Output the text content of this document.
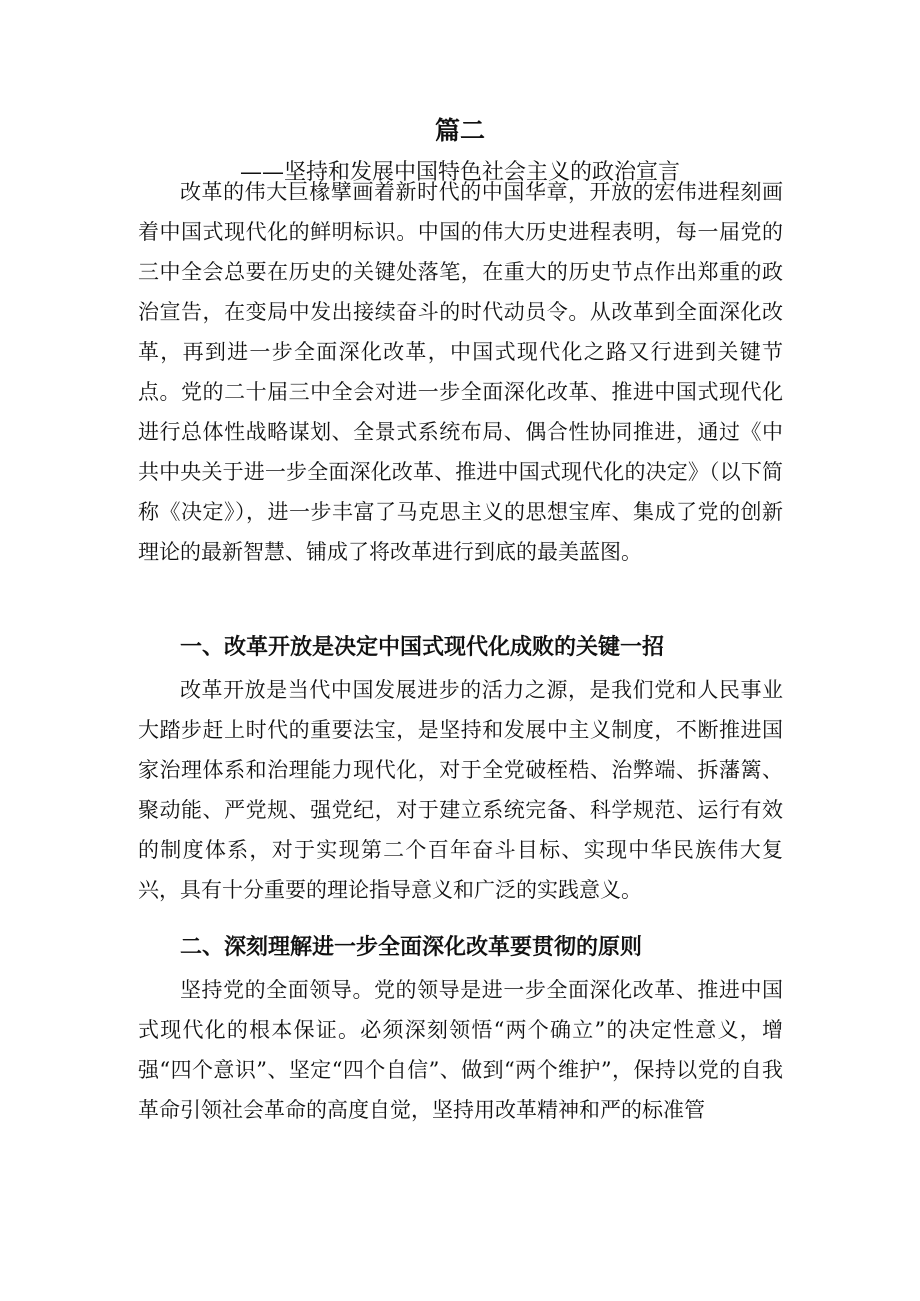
篇二
——坚持和发展中国特色社会主义的政治宣言

改革的伟大巨椽擘画着新时代的中国华章，开放的宏伟进程刻画着中国式现代化的鲜明标识。中国的伟大历史进程表明，每一届党的三中全会总要在历史的关键处落笔，在重大的历史节点作出郑重的政治宣告，在变局中发出接续奋斗的时代动员令。从改革到全面深化改革，再到进一步全面深化改革，中国式现代化之路又行进到关键节点。党的二十届三中全会对进一步全面深化改革、推进中国式现代化进行总体性战略谋划、全景式系统布局、偶合性协同推进，通过《中共中央关于进一步全面深化改革、推进中国式现代化的决定》（以下简称《决定》），进一步丰富了马克思主义的思想宝库、集成了党的创新理论的最新智慧、铺成了将改革进行到底的最美蓝图。

一、改革开放是决定中国式现代化成败的关键一招

改革开放是当代中国发展进步的活力之源，是我们党和人民事业大踏步赶上时代的重要法宝，是坚持和发展中主义制度，不断推进国家治理体系和治理能力现代化，对于全党破桎梏、治弊端、拆藩篱、聚动能、严党规、强党纪，对于建立系统完备、科学规范、运行有效的制度体系，对于实现第二个百年奋斗目标、实现中华民族伟大复兴，具有十分重要的理论指导意义和广泛的实践意义。

二、深刻理解进一步全面深化改革要贯彻的原则

坚持党的全面领导。党的领导是进一步全面深化改革、推进中国式现代化的根本保证。必须深刻领悟“两个确立”的决定性意义，增强“四个意识”、坚定“四个自信”、做到“两个维护”，保持以党的自我革命引领社会革命的高度自觉，坚持用改革精神和严的标准管
